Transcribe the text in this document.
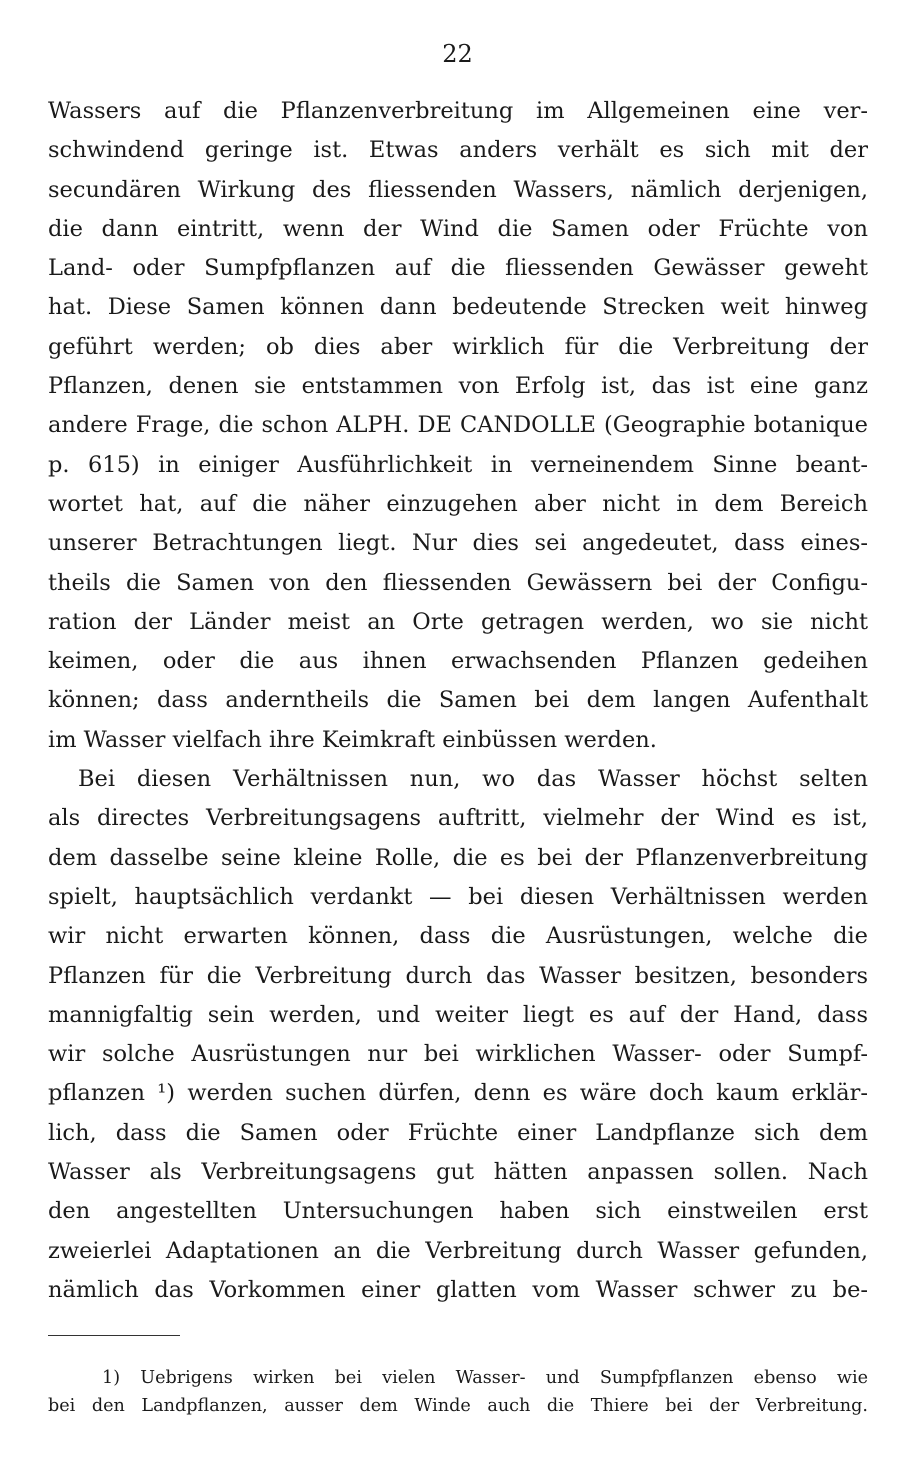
22
Wassers auf die Pflanzenverbreitung im Allgemeinen eine ver-
schwindend geringe ist. Etwas anders verhält es sich mit der
secundären Wirkung des fliessenden Wassers, nämlich derjenigen,
die dann eintritt, wenn der Wind die Samen oder Früchte von
Land- oder Sumpfpflanzen auf die fliessenden Gewässer geweht
hat. Diese Samen können dann bedeutende Strecken weit hinweg
geführt werden; ob dies aber wirklich für die Verbreitung der
Pflanzen, denen sie entstammen von Erfolg ist, das ist eine ganz
andere Frage, die schon ALPH. DE CANDOLLE (Geographie botanique
p. 615) in einiger Ausführlichkeit in verneinendem Sinne beant-
wortet hat, auf die näher einzugehen aber nicht in dem Bereich
unserer Betrachtungen liegt. Nur dies sei angedeutet, dass eines-
theils die Samen von den fliessenden Gewässern bei der Configu-
ration der Länder meist an Orte getragen werden, wo sie nicht
keimen, oder die aus ihnen erwachsenden Pflanzen gedeihen
können; dass anderntheils die Samen bei dem langen Aufenthalt
im Wasser vielfach ihre Keimkraft einbüssen werden.
Bei diesen Verhältnissen nun, wo das Wasser höchst selten
als directes Verbreitungsagens auftritt, vielmehr der Wind es ist,
dem dasselbe seine kleine Rolle, die es bei der Pflanzenverbreitung
spielt, hauptsächlich verdankt — bei diesen Verhältnissen werden
wir nicht erwarten können, dass die Ausrüstungen, welche die
Pflanzen für die Verbreitung durch das Wasser besitzen, besonders
mannigfaltig sein werden, und weiter liegt es auf der Hand, dass
wir solche Ausrüstungen nur bei wirklichen Wasser- oder Sumpf-
pflanzen ¹) werden suchen dürfen, denn es wäre doch kaum erklär-
lich, dass die Samen oder Früchte einer Landpflanze sich dem
Wasser als Verbreitungsagens gut hätten anpassen sollen. Nach
den angestellten Untersuchungen haben sich einstweilen erst
zweierlei Adaptationen an die Verbreitung durch Wasser gefunden,
nämlich das Vorkommen einer glatten vom Wasser schwer zu be-
1) Uebrigens wirken bei vielen Wasser- und Sumpfpflanzen ebenso wie
bei den Landpflanzen, ausser dem Winde auch die Thiere bei der Verbreitung.
